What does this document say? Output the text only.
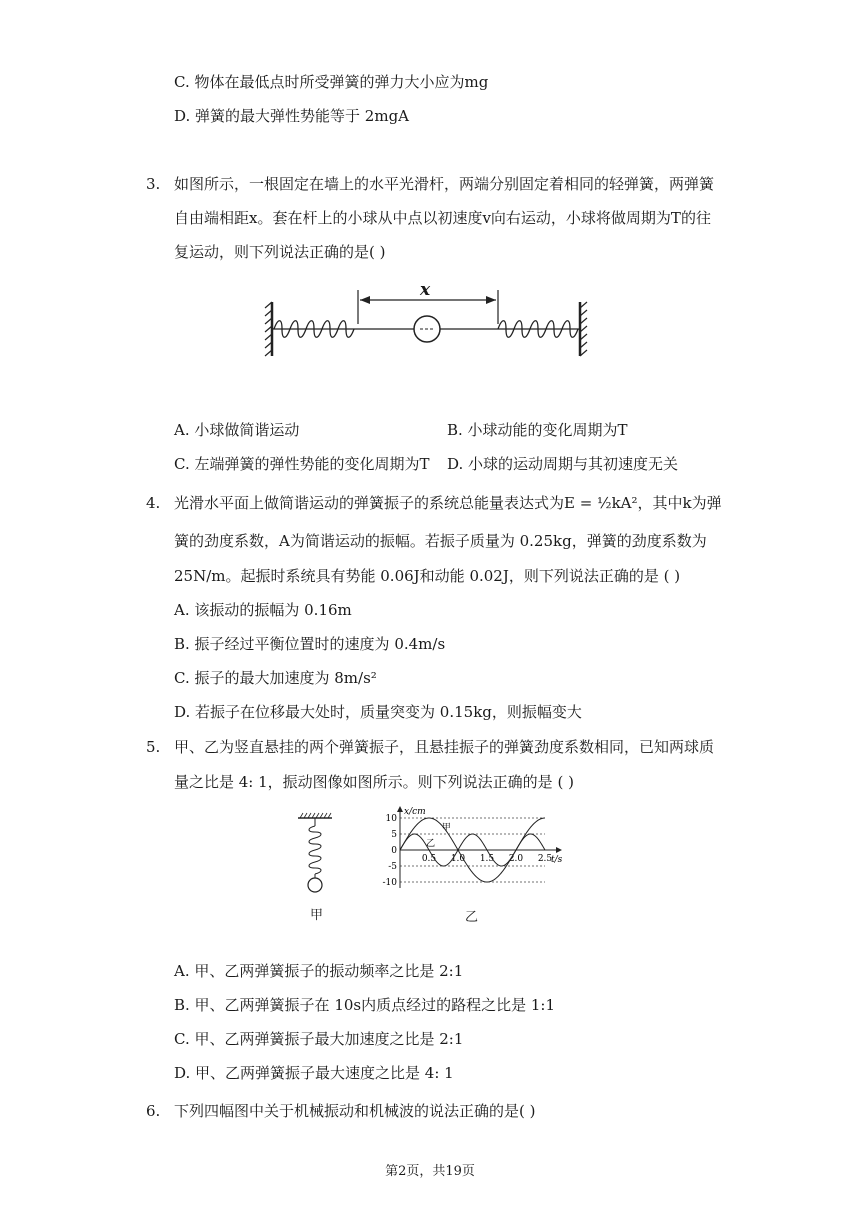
C. 物体在最低点时所受弹簧的弹力大小应为mg
D. 弹簧的最大弹性势能等于 2mgA
3. 如图所示，一根固定在墙上的水平光滑杆，两端分别固定着相同的轻弹簧，两弹簧
自由端相距x。套在杆上的小球从中点以初速度v向右运动，小球将做周期为T的往
复运动，则下列说法正确的是( )
x
A. 小球做简谐运动	B. 小球动能的变化周期为T
C. 左端弹簧的弹性势能的变化周期为T D. 小球的运动周期与其初速度无关
4. 光滑水平面上做简谐运动的弹簧振子的系统总能量表达式为E = ½kA²，其中k为弹
簧的劲度系数，A为简谐运动的振幅。若振子质量为 0.25kg，弹簧的劲度系数为
25N/m。起振时系统具有势能 0.06J和动能 0.02J，则下列说法正确的是 ( )
A. 该振动的振幅为 0.16m
B. 振子经过平衡位置时的速度为 0.4m/s
C. 振子的最大加速度为 8m/s²
D. 若振子在位移最大处时，质量突变为 0.15kg，则振幅变大
5. 甲、乙为竖直悬挂的两个弹簧振子，且悬挂振子的弹簧劲度系数相同，已知两球质
量之比是 4: 1，振动图像如图所示。则下列说法正确的是 ( )
甲
x/cm
t/s
10
5
0
-5
-10
0.5 1.0 1.5 2.0 2.5
甲
乙
乙
A. 甲、乙两弹簧振子的振动频率之比是 2:1
B. 甲、乙两弹簧振子在 10s内质点经过的路程之比是 1:1
C. 甲、乙两弹簧振子最大加速度之比是 2:1
D. 甲、乙两弹簧振子最大速度之比是 4: 1
6. 下列四幅图中关于机械振动和机械波的说法正确的是( )
第2页，共19页
